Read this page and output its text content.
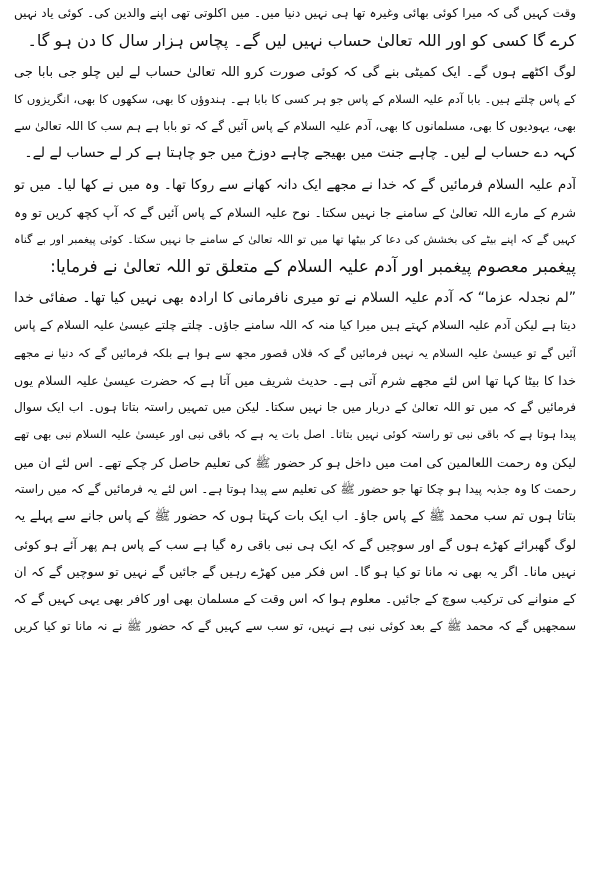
وقت کہیں گی کہ میرا کوئی بھائی وغیرہ تھا ہی نہیں دنیا میں۔ میں اکلوتی تھی اپنے والدین کی۔ کوئی یاد نہیں
کرے گا کسی کو اور اللہ تعالیٰ حساب نہیں لیں گے۔ پچاس ہزار سال کا دن ہو گا۔
لوگ اکٹھے ہوں گے۔ ایک کمیٹی بنے گی کہ کوئی صورت کرو اللہ تعالیٰ حساب لے لیں چلو جی بابا جی
کے پاس چلتے ہیں۔ بابا آدم علیہ السلام کے پاس جو ہر کسی کا بابا ہے۔ ہندوؤں کا بھی، سکھوں کا بھی، انگریزوں کا
بھی، یہودیوں کا بھی، مسلمانوں کا بھی، آدم علیہ السلام کے پاس آئیں گے کہ تو بابا ہے ہم سب کا اللہ تعالیٰ سے
کہہ دے حساب لے لیں۔ چاہے جنت میں بھیجے چاہے دوزخ میں جو چاہتا ہے کر لے حساب لے لے۔
آدم علیہ السلام فرمائیں گے کہ خدا نے مجھے ایک دانہ کھانے سے روکا تھا۔ وہ میں نے کھا لیا۔ میں تو
شرم کے مارے اللہ تعالیٰ کے سامنے جا نہیں سکتا۔ نوح علیہ السلام کے پاس آئیں گے کہ آپ کچھ کریں تو وہ
کہیں گے کہ اپنے بیٹے کی بخشش کی دعا کر بیٹھا تھا میں تو اللہ تعالیٰ کے سامنے جا نہیں سکتا۔ کوئی پیغمبر اور بے گناہ
پیغمبر معصوم پیغمبر اور آدم علیہ السلام کے متعلق تو اللہ تعالیٰ نے فرمایا:
”لم نجدلہ عزما“ کہ آدم علیہ السلام نے تو میری نافرمانی کا ارادہ بھی نہیں کیا تھا۔ صفائی خدا
دیتا ہے لیکن آدم علیہ السلام کہتے ہیں میرا کیا منہ کہ اللہ سامنے جاؤں۔ چلتے چلتے عیسیٰ علیہ السلام کے پاس
آئیں گے تو عیسیٰ علیہ السلام یہ نہیں فرمائیں گے کہ فلاں قصور مجھ سے ہوا ہے بلکہ فرمائیں گے کہ دنیا نے مجھے
خدا کا بیٹا کہا تھا اس لئے مجھے شرم آتی ہے۔ حدیث شریف میں آتا ہے کہ حضرت عیسیٰ علیہ السلام یوں
فرمائیں گے کہ میں تو اللہ تعالیٰ کے دربار میں جا نہیں سکتا۔ لیکن میں تمہیں راستہ بتاتا ہوں۔ اب ایک سوال
پیدا ہوتا ہے کہ باقی نبی تو راستہ کوئی نہیں بتاتا۔ اصل بات یہ ہے کہ باقی نبی اور عیسیٰ علیہ السلام نبی بھی تھے
لیکن وہ رحمت اللعالمین کی امت میں داخل ہو کر حضور ﷺ کی تعلیم حاصل کر چکے تھے۔ اس لئے ان میں
رحمت کا وہ جذبہ پیدا ہو چکا تھا جو حضور ﷺ کی تعلیم سے پیدا ہوتا ہے۔ اس لئے یہ فرمائیں گے کہ میں راستہ
بتاتا ہوں تم سب محمد ﷺ کے پاس جاؤ۔ اب ایک بات کہتا ہوں کہ حضور ﷺ کے پاس جانے سے پہلے یہ
لوگ گھبرائے کھڑے ہوں گے اور سوچیں گے کہ ایک ہی نبی باقی رہ گیا ہے سب کے پاس ہم پھر آئے ہو کوئی
نہیں مانا۔ اگر یہ بھی نہ مانا تو کیا ہو گا۔ اس فکر میں کھڑے رہیں گے جائیں گے نہیں تو سوچیں گے کہ ان
کے منوانے کی ترکیب سوچ کے جائیں۔ معلوم ہوا کہ اس وقت کے مسلمان بھی اور کافر بھی یہی کہیں گے کہ
سمجھیں گے کہ محمد ﷺ کے بعد کوئی نبی ہے نہیں، تو سب سے کہیں گے کہ حضور ﷺ نے نہ مانا تو کیا کریں
